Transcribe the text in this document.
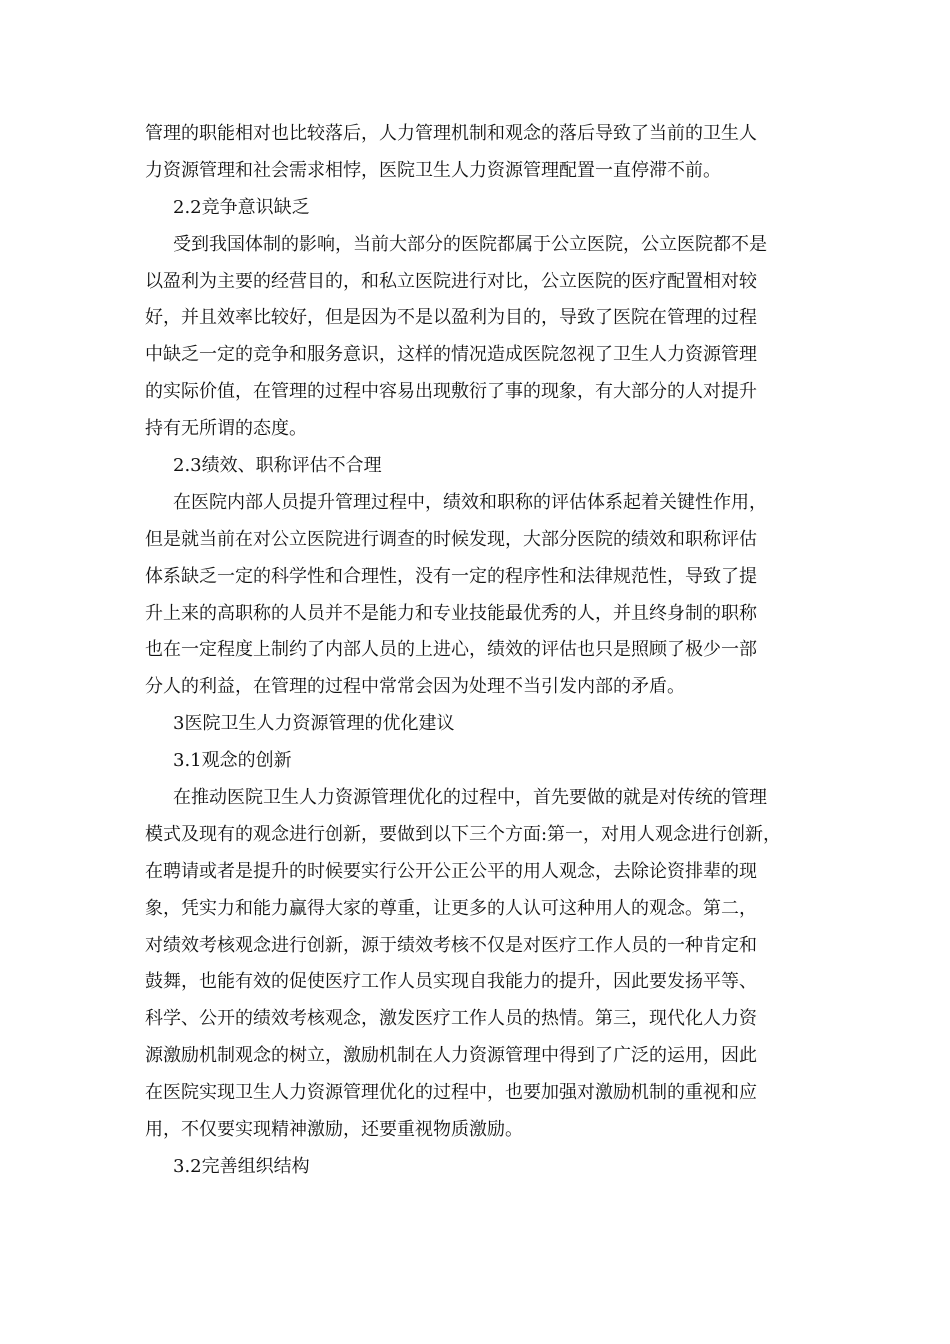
管理的职能相对也比较落后，人力管理机制和观念的落后导致了当前的卫生人

力资源管理和社会需求相悖，医院卫生人力资源管理配置一直停滞不前。

2.2竞争意识缺乏

受到我国体制的影响，当前大部分的医院都属于公立医院，公立医院都不是

以盈利为主要的经营目的，和私立医院进行对比，公立医院的医疗配置相对较

好，并且效率比较好，但是因为不是以盈利为目的，导致了医院在管理的过程

中缺乏一定的竞争和服务意识，这样的情况造成医院忽视了卫生人力资源管理

的实际价值，在管理的过程中容易出现敷衍了事的现象，有大部分的人对提升

持有无所谓的态度。

2.3绩效、职称评估不合理

在医院内部人员提升管理过程中，绩效和职称的评估体系起着关键性作用，

但是就当前在对公立医院进行调查的时候发现，大部分医院的绩效和职称评估

体系缺乏一定的科学性和合理性，没有一定的程序性和法律规范性，导致了提

升上来的高职称的人员并不是能力和专业技能最优秀的人，并且终身制的职称

也在一定程度上制约了内部人员的上进心，绩效的评估也只是照顾了极少一部

分人的利益，在管理的过程中常常会因为处理不当引发内部的矛盾。

3医院卫生人力资源管理的优化建议

3.1观念的创新

在推动医院卫生人力资源管理优化的过程中，首先要做的就是对传统的管理

模式及现有的观念进行创新，要做到以下三个方面:第一，对用人观念进行创新，

在聘请或者是提升的时候要实行公开公正公平的用人观念，去除论资排辈的现

象，凭实力和能力赢得大家的尊重，让更多的人认可这种用人的观念。第二，

对绩效考核观念进行创新，源于绩效考核不仅是对医疗工作人员的一种肯定和

鼓舞，也能有效的促使医疗工作人员实现自我能力的提升，因此要发扬平等、

科学、公开的绩效考核观念，激发医疗工作人员的热情。第三，现代化人力资

源激励机制观念的树立，激励机制在人力资源管理中得到了广泛的运用，因此

在医院实现卫生人力资源管理优化的过程中，也要加强对激励机制的重视和应

用，不仅要实现精神激励，还要重视物质激励。

3.2完善组织结构
